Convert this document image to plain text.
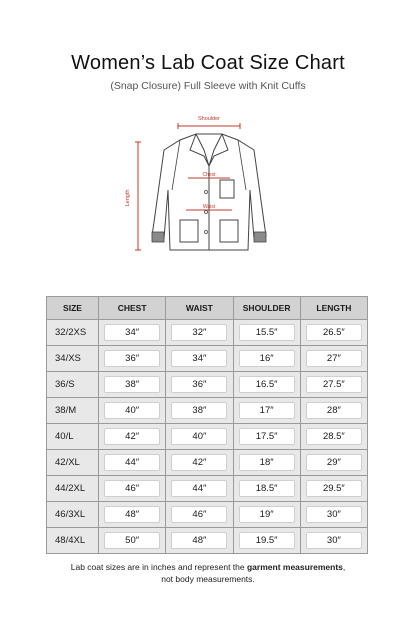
Women’s Lab Coat Size Chart
(Snap Closure) Full Sleeve with Knit Cuffs
Shoulder
Length
Chest
Waist
SIZE	CHEST	WAIST	SHOULDER	LENGTH
32/2XS	34″	32″	15.5″	26.5″
34/XS	36″	34″	16″	27″
36/S	38″	36″	16.5″	27.5″
38/M	40″	38″	17″	28″
40/L	42″	40″	17.5″	28.5″
42/XL	44″	42″	18″	29″
44/2XL	46″	44″	18.5″	29.5″
46/3XL	48″	46″	19″	30″
48/4XL	50″	48″	19.5″	30″
Lab coat sizes are in inches and represent the garment measurements,
not body measurements.
